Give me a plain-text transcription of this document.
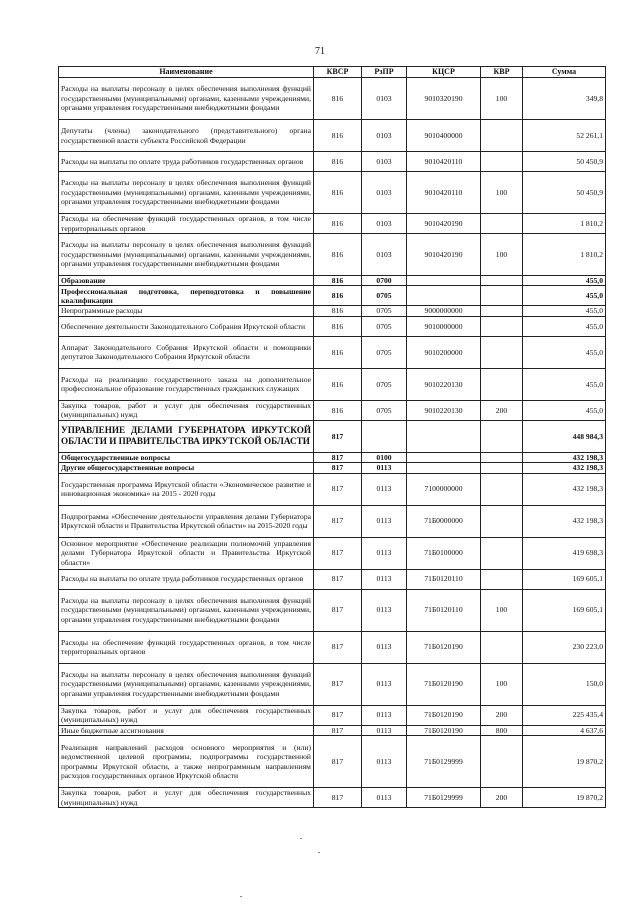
71
Наименование	КВСР	РзПР	КЦСР	КВР	Сумма
Расходы на выплаты персоналу в целях обеспечения выполнения функций государственными (муниципальными) органами, казенными учреждениями, органами управления государственными внебюджетными фондами	816	0103	9010320190	100	349,8
Депутаты (члены) законодательного (представительного) органа государственной власти субъекта Российской Федерации	816	0103	9010400000		52 261,1
Расходы на выплаты по оплате труда работников государственных органов	816	0103	9010420110		50 450,9
Расходы на выплаты персоналу в целях обеспечения выполнения функций государственными (муниципальными) органами, казенными учреждениями, органами управления государственными внебюджетными фондами	816	0103	9010420110	100	50 450,9
Расходы на обеспечение функций государственных органов, в том числе территориальных органов	816	0103	9010420190		1 810,2
Расходы на выплаты персоналу в целях обеспечения выполнения функций государственными (муниципальными) органами, казенными учреждениями, органами управления государственными внебюджетными фондами	816	0103	9010420190	100	1 810,2
Образование	816	0700			455,0
Профессиональная подготовка, переподготовка и повышение квалификации	816	0705			455,0
Непрограммные расходы	816	0705	9000000000		455,0
Обеспечение деятельности Законодательного Собрания Иркутской области	816	0705	9010000000		455,0
Аппарат Законодательного Собрания Иркутской области и помощники депутатов Законодательного Собрания Иркутской области	816	0705	9010200000		455,0
Расходы на реализацию государственного заказа на дополнительное профессиональное образование государственных гражданских служащих	816	0705	9010220130		455,0
Закупка товаров, работ и услуг для обеспечения государственных (муниципальных) нужд	816	0705	9010220130	200	455,0
УПРАВЛЕНИЕ ДЕЛАМИ ГУБЕРНАТОРА ИРКУТСКОЙ ОБЛАСТИ И ПРАВИТЕЛЬСТВА ИРКУТСКОЙ ОБЛАСТИ	817				448 984,3
Общегосударственные вопросы	817	0100			432 198,3
Другие общегосударственные вопросы	817	0113			432 198,3
Государственная программа Иркутской области «Экономическое развитие и инновационная экономика» на 2015 - 2020 годы	817	0113	7100000000		432 198,3
Подпрограмма «Обеспечение деятельности управления делами Губернатора Иркутской области и Правительства Иркутской области» на 2015-2020 годы	817	0113	71Б0000000		432 198,3
Основное мероприятие «Обеспечение реализации полномочий управления делами Губернатора Иркутской области и Правительства Иркутской области»	817	0113	71Б0100000		419 698,3
Расходы на выплаты по оплате труда работников государственных органов	817	0113	71Б0120110		169 605,1
Расходы на выплаты персоналу в целях обеспечения выполнения функций государственными (муниципальными) органами, казенными учреждениями, органами управления государственными внебюджетными фондами	817	0113	71Б0120110	100	169 605,1
Расходы на обеспечение функций государственных органов, в том числе территориальных органов	817	0113	71Б0120190		230 223,0
Расходы на выплаты персоналу в целях обеспечения выполнения функций государственными (муниципальными) органами, казенными учреждениями, органами управления государственными внебюджетными фондами	817	0113	71Б0120190	100	150,0
Закупка товаров, работ и услуг для обеспечения государственных (муниципальных) нужд	817	0113	71Б0120190	200	225 435,4
Иные бюджетные ассигнования	817	0113	71Б0120190	800	4 637,6
Реализация направлений расходов основного мероприятия и (или) ведомственной целевой программы, подпрограммы государственной программы Иркутской области, а также непрограммным направлениям расходов государственных органов Иркутской области	817	0113	71Б0129999		19 870,2
Закупка товаров, работ и услуг для обеспечения государственных (муниципальных) нужд	817	0113	71Б0129999	200	19 870,2
